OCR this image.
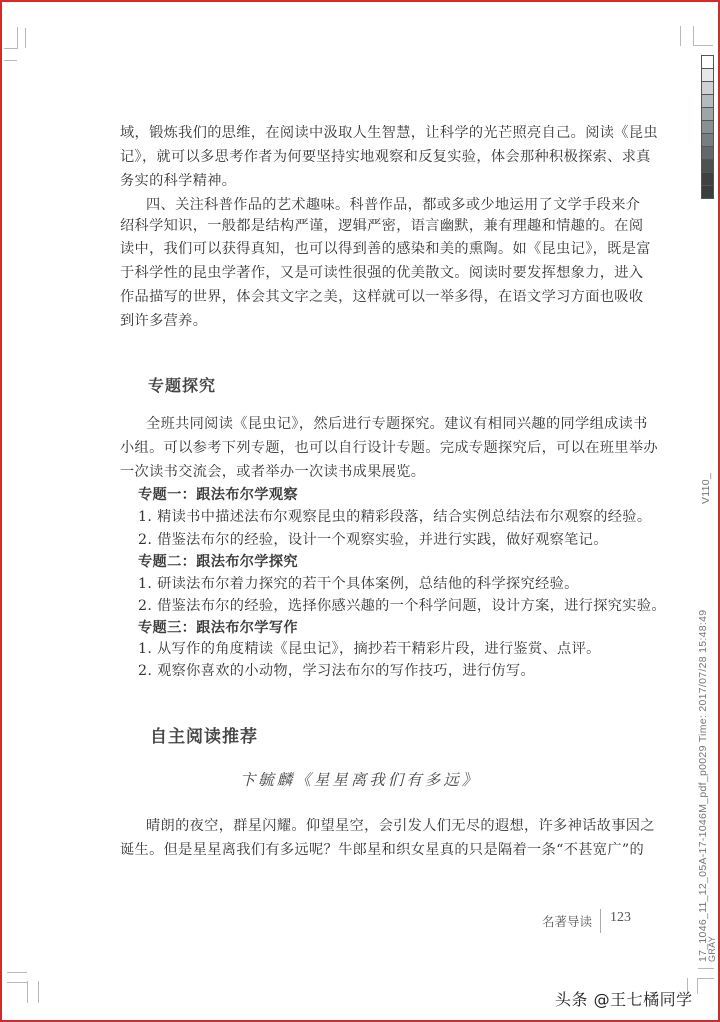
域，锻炼我们的思维，在阅读中汲取人生智慧，让科学的光芒照亮自己。阅读《昆虫
记》，就可以多思考作者为何要坚持实地观察和反复实验，体会那种积极探索、求真
务实的科学精神。
四、关注科普作品的艺术趣味。科普作品，都或多或少地运用了文学手段来介
绍科学知识，一般都是结构严谨，逻辑严密，语言幽默，兼有理趣和情趣的。在阅
读中，我们可以获得真知，也可以得到善的感染和美的熏陶。如《昆虫记》，既是富
于科学性的昆虫学著作，又是可读性很强的优美散文。阅读时要发挥想象力，进入
作品描写的世界，体会其文字之美，这样就可以一举多得，在语文学习方面也吸收
到许多营养。
专题探究
全班共同阅读《昆虫记》，然后进行专题探究。建议有相同兴趣的同学组成读书
小组。可以参考下列专题，也可以自行设计专题。完成专题探究后，可以在班里举办
一次读书交流会，或者举办一次读书成果展览。
专题一：跟法布尔学观察
1. 精读书中描述法布尔观察昆虫的精彩段落，结合实例总结法布尔观察的经验。
2. 借鉴法布尔的经验，设计一个观察实验，并进行实践，做好观察笔记。
专题二：跟法布尔学探究
1. 研读法布尔着力探究的若干个具体案例，总结他的科学探究经验。
2. 借鉴法布尔的经验，选择你感兴趣的一个科学问题，设计方案，进行探究实验。
专题三：跟法布尔学写作
1. 从写作的角度精读《昆虫记》，摘抄若干精彩片段，进行鉴赏、点评。
2. 观察你喜欢的小动物，学习法布尔的写作技巧，进行仿写。
自主阅读推荐
卞毓麟《星星离我们有多远》
晴朗的夜空，群星闪耀。仰望星空，会引发人们无尽的遐想，许多神话故事因之
诞生。但是星星离我们有多远呢？牛郎星和织女星真的只是隔着一条“不甚宽广”的
名著导读 123
V110_
17_1046_11_12_05A-17-1046M_pdf_p0029 Time: 2017/07/28 15:48:49
GRAY
头条 @王七橘同学
